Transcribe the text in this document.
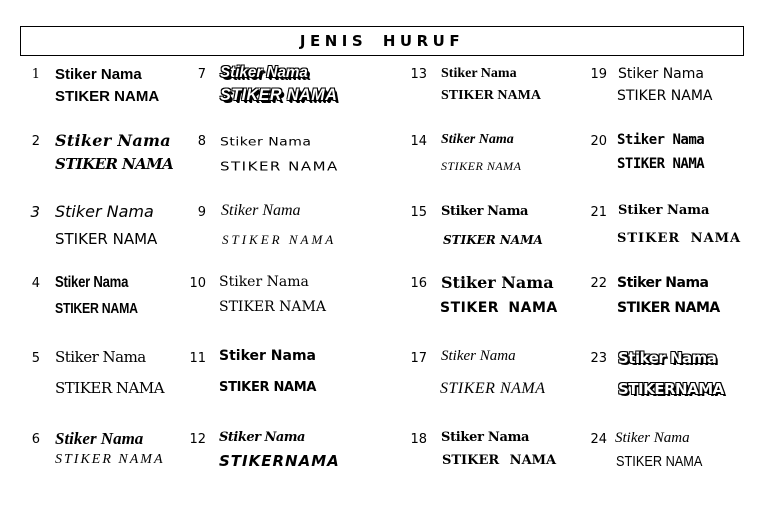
JENIS HURUF
1 Stiker Nama
STIKER NAMA
2 Stiker Nama
STIKER NAMA
3 Stiker Nama
STIKER NAMA
4 Stiker Nama
STIKER NAMA
5 Stiker Nama
STIKER NAMA
6 Stiker Nama
STIKER NAMA
7 Stiker Nama
STIKER NAMA
8 Stiker Nama
STIKER NAMA
9 Stiker Nama
STIKER NAMA
10 Stiker Nama
STIKER NAMA
11 Stiker Nama
STIKER NAMA
12 Stiker Nama
STIKERNAMA
13 Stiker Nama
STIKER NAMA
14 Stiker Nama
STIKER NAMA
15 Stiker Nama
STIKER NAMA
16 Stiker Nama
STIKER NAMA
17 Stiker Nama
STIKER NAMA
18 Stiker Nama
STIKER NAMA
19 Stiker Nama
STIKER NAMA
20 Stiker Nama
STIKER NAMA
21 Stiker Nama
STIKER NAMA
22 Stiker Nama
STIKER NAMA
23 Stiker Nama
STIKERNAMA
24 Stiker Nama
STIKER NAMA
